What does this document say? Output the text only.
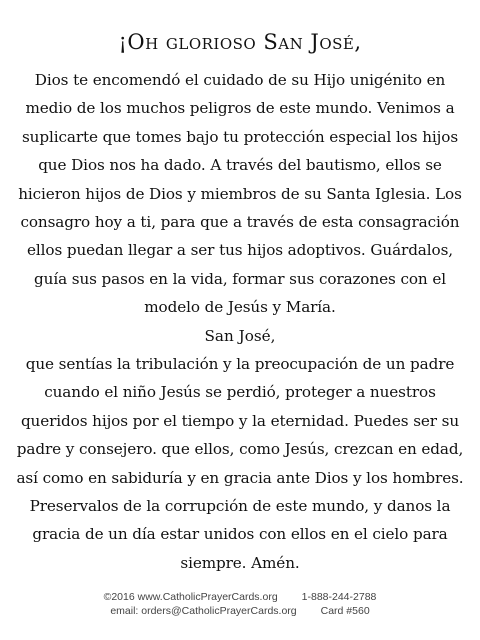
¡Oh glorioso San José,

Dios te encomendó el cuidado de su Hijo unigénito en medio de los muchos peligros de este mundo. Venimos a suplicarte que tomes bajo tu protección especial los hijos que Dios nos ha dado. A través del bautismo, ellos se hicieron hijos de Dios y miembros de su Santa Iglesia. Los consagro hoy a ti, para que a través de esta consagración ellos puedan llegar a ser tus hijos adoptivos. Guárdalos, guía sus pasos en la vida, formar sus corazones con el modelo de Jesús y María.

San José,

que sentías la tribulación y la preocupación de un padre cuando el niño Jesús se perdió, proteger a nuestros queridos hijos por el tiempo y la eternidad. Puedes ser su padre y consejero. que ellos, como Jesús, crezcan en edad, así como en sabiduría y en gracia ante Dios y los hombres. Preservalos de la corrupción de este mundo, y danos la gracia de un día estar unidos con ellos en el cielo para siempre. Amén.

©2016 www.CatholicPrayerCards.org 1-888-244-2788
email: orders@CatholicPrayerCards.org Card #560
